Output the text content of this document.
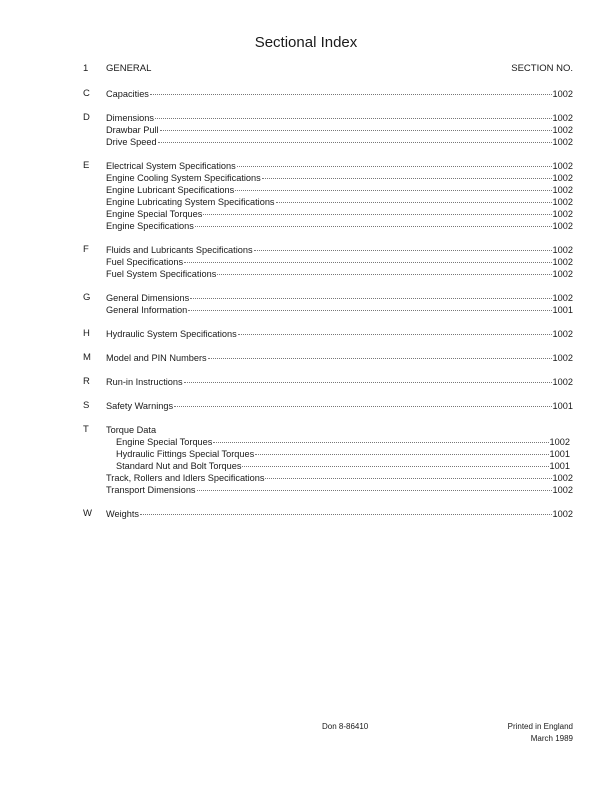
Sectional Index
1 GENERAL	SECTION NO.
C Capacities	1002
D Dimensions	1002
Drawbar Pull	1002
Drive Speed	1002
E Electrical System Specifications	1002
Engine Cooling System Specifications	1002
Engine Lubricant Specifications	1002
Engine Lubricating System Specifications	1002
Engine Special Torques	1002
Engine Specifications	1002
F Fluids and Lubricants Specifications	1002
Fuel Specifications	1002
Fuel System Specifications	1002
G General Dimensions	1002
General Information	1001
H Hydraulic System Specifications	1002
M Model and PIN Numbers	1002
R Run-in Instructions	1002
S Safety Warnings	1001
T Torque Data
Engine Special Torques	1002
Hydraulic Fittings Special Torques	1001
Standard Nut and Bolt Torques	1001
Track, Rollers and Idlers Specifications	1002
Transport Dimensions	1002
W Weights	1002
Don 8-86410	Printed in England
March 1989
